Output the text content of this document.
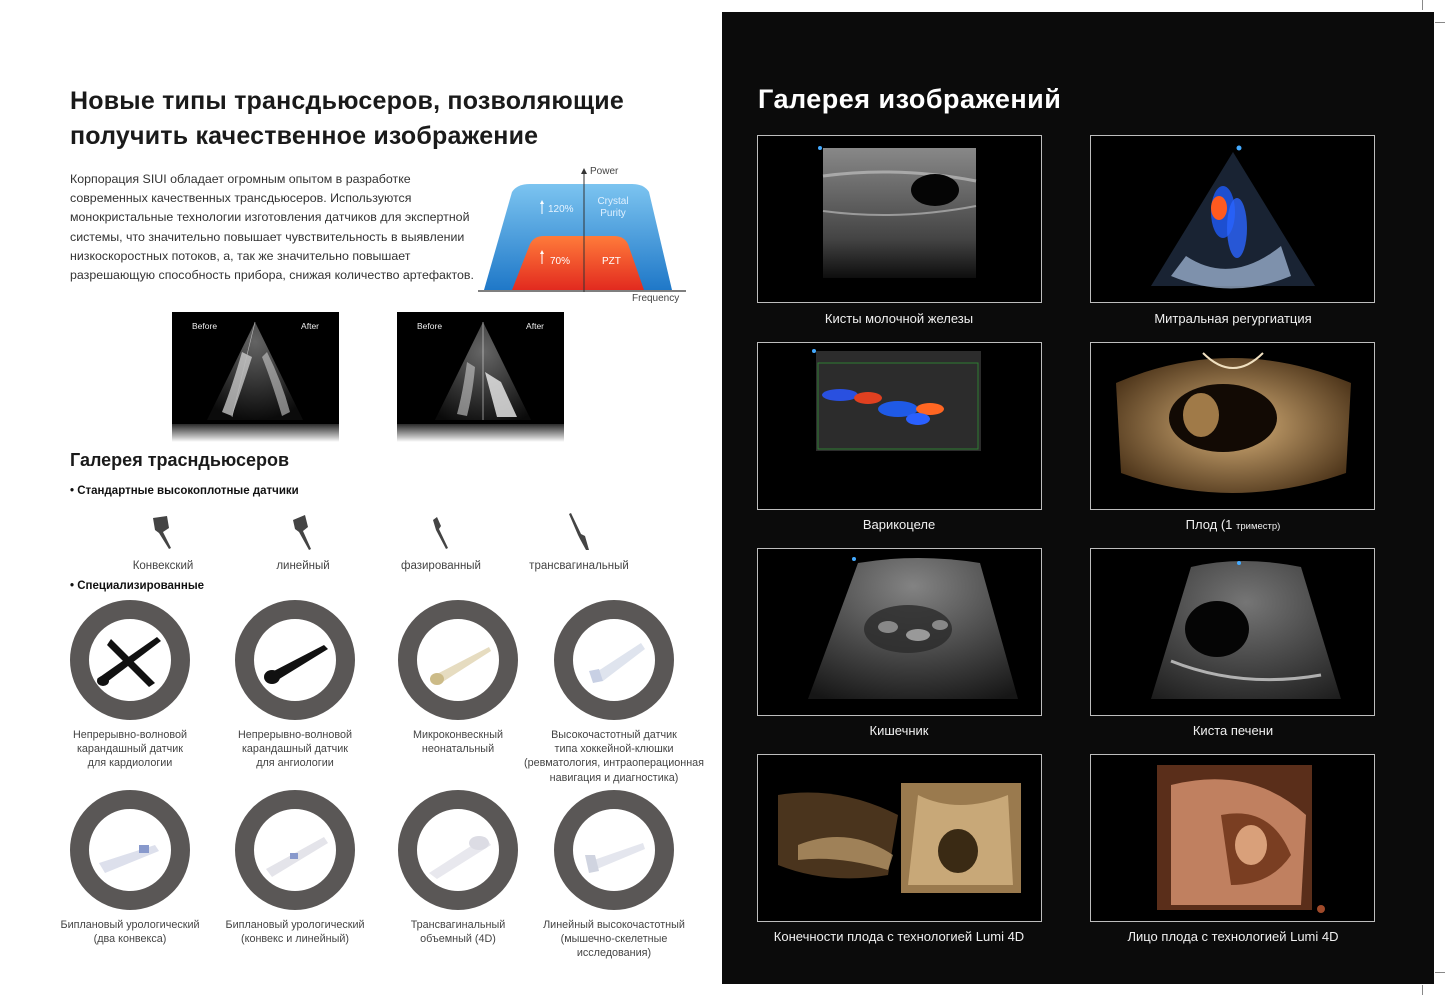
Новые типы трансдьюсеров, позволяющие получить качественное изображение
Корпорация SIUI обладает огромным опытом в разработке современных качественных трансдьюсеров. Используются монокристальные технологии изготовления датчиков для экспертной системы, что значительно повышает чувствительность в выявлении низкоскоростных потоков, а, так же значительно повышает разрешающую способность прибора, снижая количество артефактов.
Power
Frequency
120%
Crystal Purity
70%	PZT
Before	After	Before	After
Галерея трасндьюсеров
• Стандартные высокоплотные датчики
Конвекский	линейный	фазированный	трансвагинальный
• Специализированные
Непрерывно-волновой
карандашный датчик
для кардиологии
Непрерывно-волновой
карандашный датчик
для ангиологии
Микроконвескный
неонатальный
Высокочастотный датчик
типа хоккейной-клюшки
(ревматология, интраоперационная
навигация и диагностика)
Биплановый урологический
(два конвекса)
Биплановый урологический
(конвекс и линейный)
Трансвагинальный
объемный (4D)
Линейный высокочастотный
(мышечно-скелетные
исследования)
Галерея изображений
Кисты молочной железы	Митральная регургиатция
Варикоцеле	Плод (1 триместр)
Кишечник	Киста печени
Конечности плода с технологией Lumi 4D	Лицо плода с технологией Lumi 4D
